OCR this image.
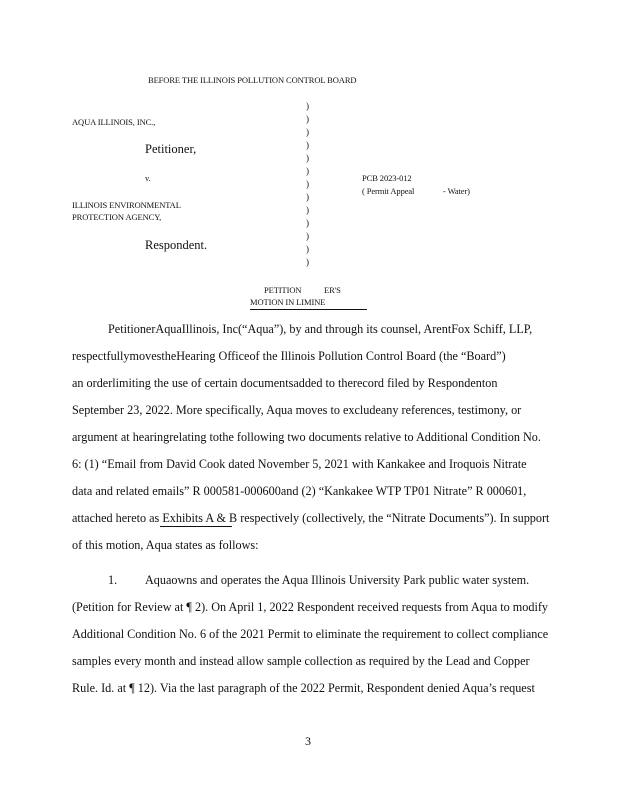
BEFORE THE ILLINOIS POLLUTION CONTROL BOARD
AQUA ILLINOIS, INC.,
Petitioner,
v.
ILLINOIS ENVIRONMENTAL
PROTECTION AGENCY,
Respondent.
)
)
)
)
)
)
)
)
)
)
)
)
)
PCB 2023-012
( Permit Appeal	- Water)
PETITION	ER'S
MOTION IN LIMINE
PetitionerAquaIllinois, Inc(“Aqua”), by and through its counsel, ArentFox Schiff, LLP,
respectfullymovestheHearing Officeof the Illinois Pollution Control Board (the “Board”)
an orderlimiting the use of certain documentsadded to therecord filed by Respondenton
September 23, 2022. More specifically, Aqua moves to excludeany references, testimony, or
argument at hearingrelating tothe following two documents relative to Additional Condition No.
6: (1) “Email from David Cook dated November 5, 2021 with Kankakee and Iroquois Nitrate
data and related emails” R 000581-000600and (2) “Kankakee WTP TP01 Nitrate” R 000601,
attached hereto as Exhibits A & B respectively (collectively, the “Nitrate Documents”). In support
of this motion, Aqua states as follows:
1. Aquaowns and operates the Aqua Illinois University Park public water system.
(Petition for Review at ¶ 2). On April 1, 2022 Respondent received requests from Aqua to modify
Additional Condition No. 6 of the 2021 Permit to eliminate the requirement to collect compliance
samples every month and instead allow sample collection as required by the Lead and Copper
Rule. Id. at ¶ 12). Via the last paragraph of the 2022 Permit, Respondent denied Aqua’s request
3
